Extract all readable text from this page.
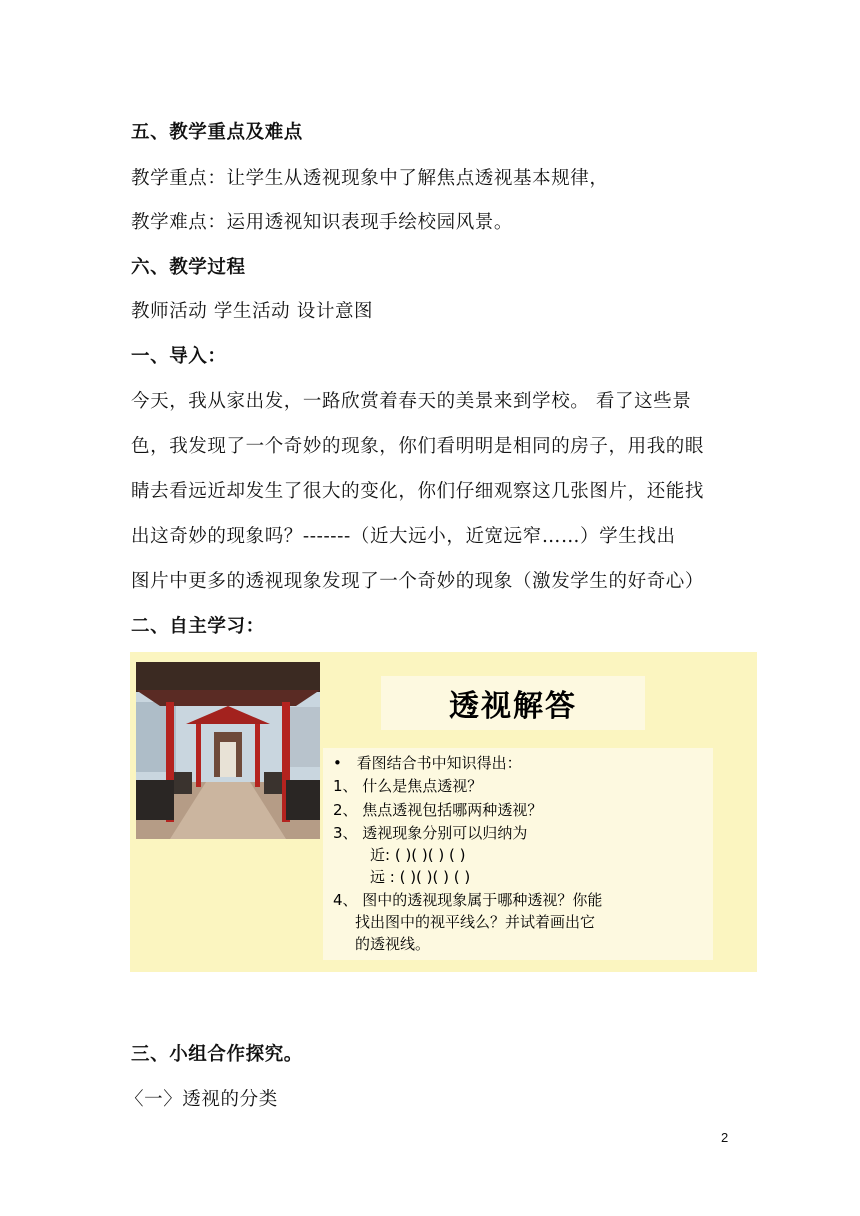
五、教学重点及难点
教学重点：让学生从透视现象中了解焦点透视基本规律，
教学难点：运用透视知识表现手绘校园风景。
六、教学过程
教师活动 学生活动 设计意图
一、导入：
今天，我从家出发，一路欣赏着春天的美景来到学校。 看了这些景
色，我发现了一个奇妙的现象，你们看明明是相同的房子，用我的眼
睛去看远近却发生了很大的变化，你们仔细观察这几张图片，还能找
出这奇妙的现象吗？-------（近大远小，近宽远窄……）学生找出
图片中更多的透视现象发现了一个奇妙的现象（激发学生的好奇心）
二、自主学习：
透视解答
• 看图结合书中知识得出：
1、 什么是焦点透视？
2、 焦点透视包括哪两种透视？
3、 透视现象分别可以归纳为
近: ( )( )( ) ( )
远 : ( )( )( ) ( )
4、 图中的透视现象属于哪种透视？你能
找出图中的视平线么？并试着画出它
的透视线。
三、小组合作探究。
〈一〉透视的分类
2
